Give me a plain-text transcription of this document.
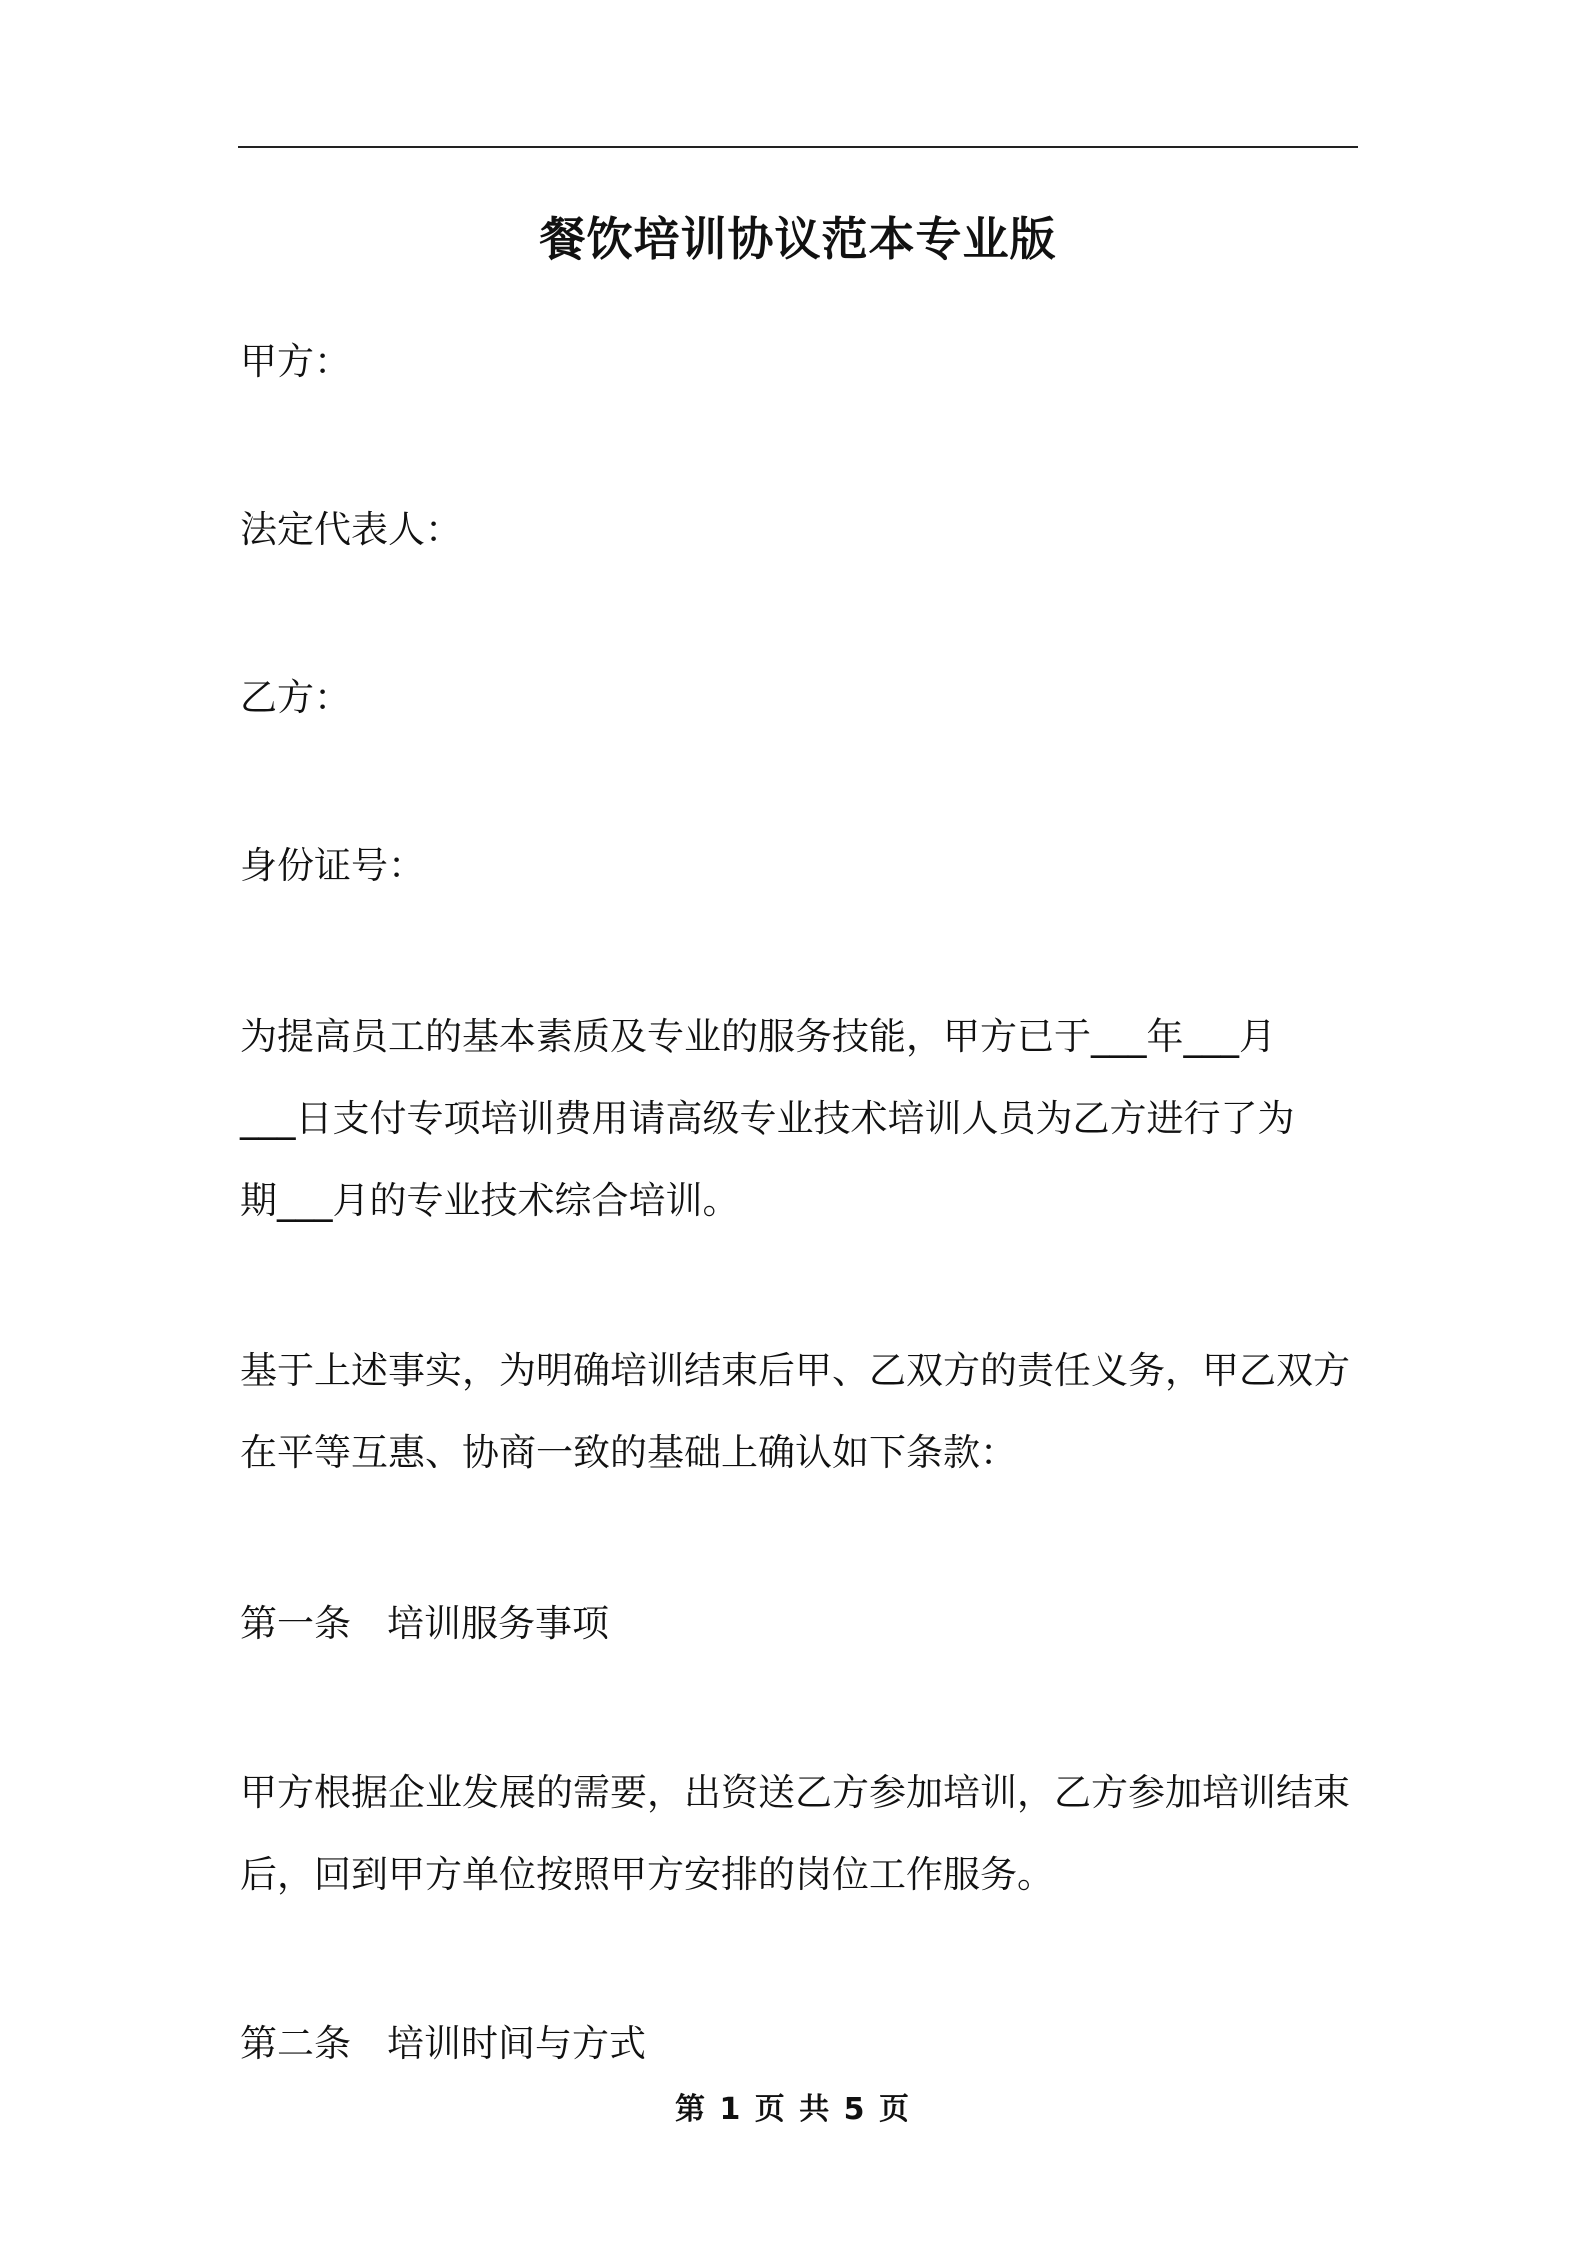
餐饮培训协议范本专业版
甲方：
法定代表人：
乙方：
身份证号：
为提高员工的基本素质及专业的服务技能，甲方已于___年___月
___日支付专项培训费用请高级专业技术培训人员为乙方进行了为
期___月的专业技术综合培训。
基于上述事实，为明确培训结束后甲、乙双方的责任义务，甲乙双方
在平等互惠、协商一致的基础上确认如下条款：
第一条 培训服务事项
甲方根据企业发展的需要，出资送乙方参加培训，乙方参加培训结束
后，回到甲方单位按照甲方安排的岗位工作服务。
第二条 培训时间与方式
第 1 页 共 5 页
